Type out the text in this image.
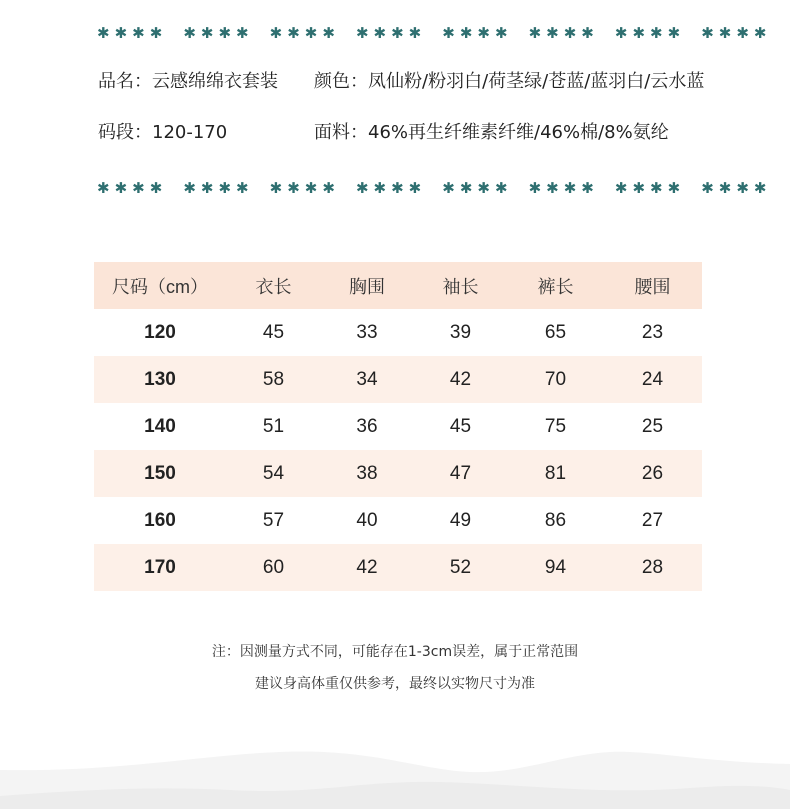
✱ ✱ ✱ ✱ ✱ ✱ ✱ ✱ ✱ ✱ ✱ ✱ ✱ ✱ ✱ ✱ ✱ ✱ ✱ ✱ ✱ ✱ ✱ ✱ ✱ ✱ ✱ ✱ ✱ ✱ ✱ ✱
品名：云感绵绵衣套装 颜色：凤仙粉/粉羽白/荷茎绿/苍蓝/蓝羽白/云水蓝
码段：120-170	面料：46%再生纤维素纤维/46%棉/8%氨纶
✱ ✱ ✱ ✱ ✱ ✱ ✱ ✱ ✱ ✱ ✱ ✱ ✱ ✱ ✱ ✱ ✱ ✱ ✱ ✱ ✱ ✱ ✱ ✱ ✱ ✱ ✱ ✱ ✱ ✱ ✱ ✱
尺码（cm）	衣长	胸围	袖长	裤长	腰围
120	45	33	39	65	23
130	58	34	42	70	24
140	51	36	45	75	25
150	54	38	47	81	26
160	57	40	49	86	27
170	60	42	52	94	28
注：因测量方式不同，可能存在1-3cm误差，属于正常范围
建议身高体重仅供参考，最终以实物尺寸为准
